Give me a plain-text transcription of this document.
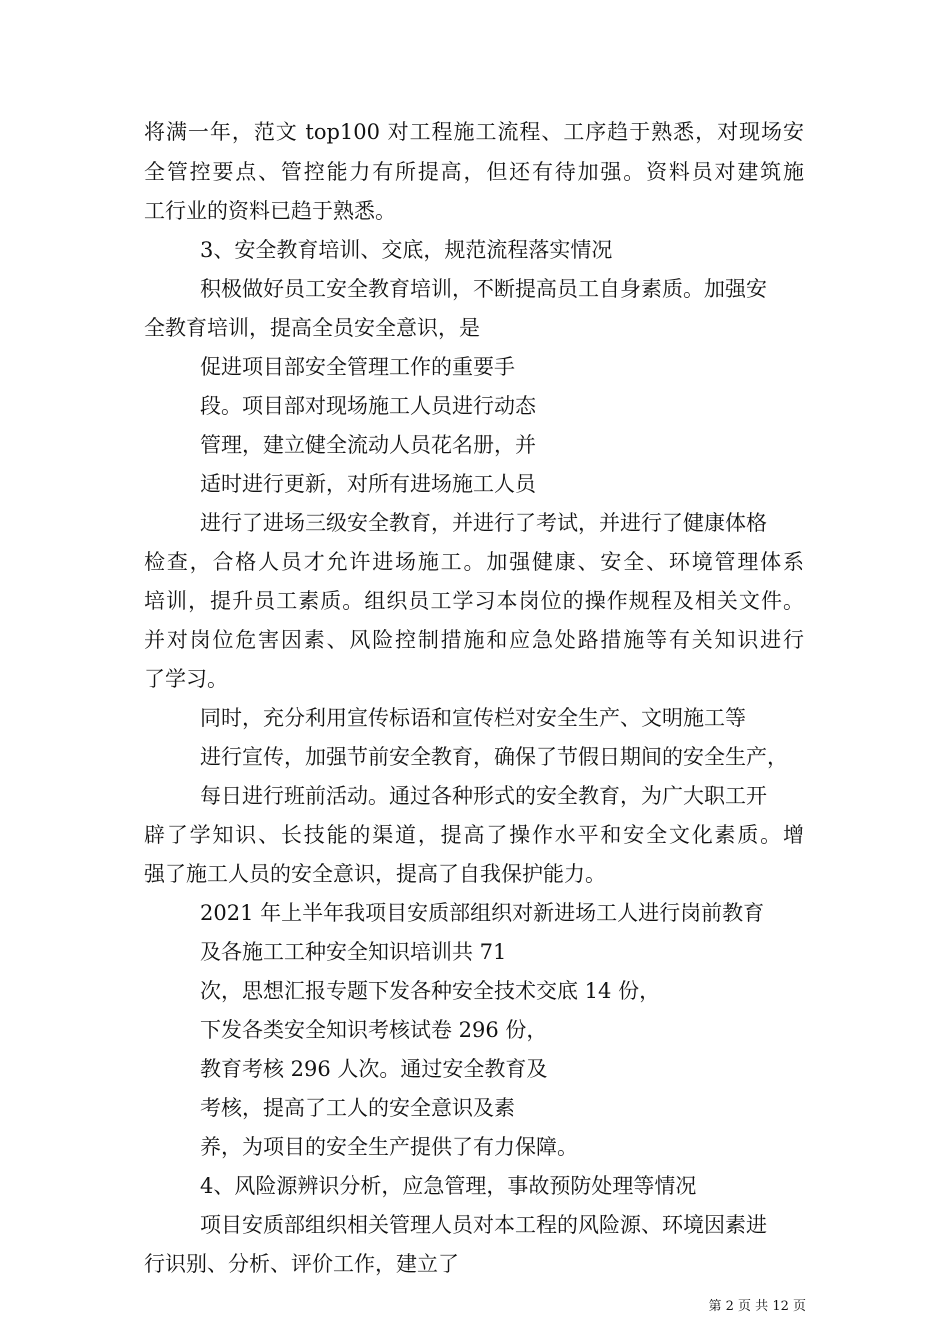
将满一年，范文 top100 对工程施工流程、工序趋于熟悉，对现场安
全管控要点、管控能力有所提高，但还有待加强。资料员对建筑施
工行业的资料已趋于熟悉。
3、安全教育培训、交底，规范流程落实情况
积极做好员工安全教育培训，不断提高员工自身素质。加强安
全教育培训，提高全员安全意识，是
促进项目部安全管理工作的重要手
段。项目部对现场施工人员进行动态
管理，建立健全流动人员花名册，并
适时进行更新，对所有进场施工人员
进行了进场三级安全教育，并进行了考试，并进行了健康体格
检查，合格人员才允许进场施工。加强健康、安全、环境管理体系
培训，提升员工素质。组织员工学习本岗位的操作规程及相关文件。
并对岗位危害因素、风险控制措施和应急处路措施等有关知识进行
了学习。
同时，充分利用宣传标语和宣传栏对安全生产、文明施工等
进行宣传，加强节前安全教育，确保了节假日期间的安全生产，
每日进行班前活动。通过各种形式的安全教育，为广大职工开
辟了学知识、长技能的渠道，提高了操作水平和安全文化素质。增
强了施工人员的安全意识，提高了自我保护能力。
2021 年上半年我项目安质部组织对新进场工人进行岗前教育
及各施工工种安全知识培训共 71
次，思想汇报专题下发各种安全技术交底 14 份，
下发各类安全知识考核试卷 296 份，
教育考核 296 人次。通过安全教育及
考核，提高了工人的安全意识及素
养，为项目的安全生产提供了有力保障。
4、风险源辨识分析，应急管理，事故预防处理等情况
项目安质部组织相关管理人员对本工程的风险源、环境因素进
行识别、分析、评价工作，建立了
第 2 页 共 12 页
